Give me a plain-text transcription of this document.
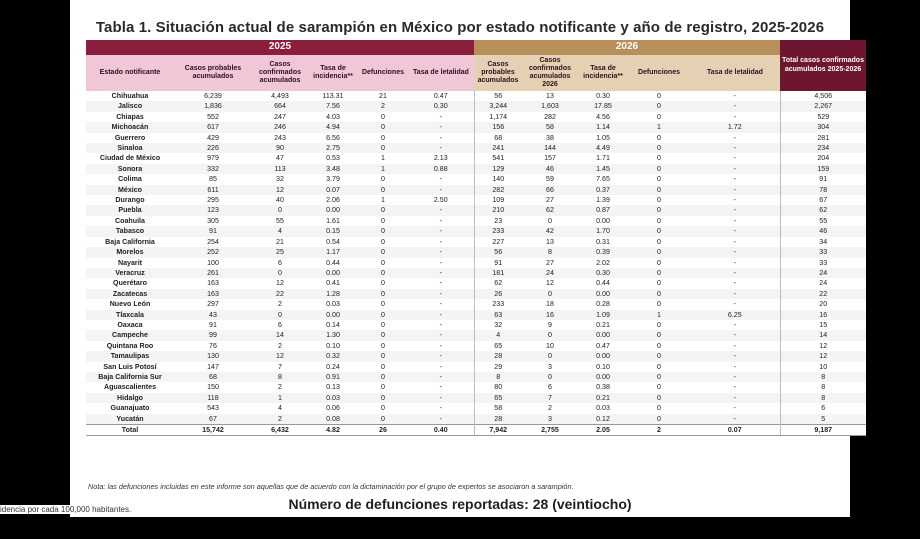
Tabla 1. Situación actual de sarampión en México por estado notificante y año de registro, 2025-2026
2025						2026					Total casos confirmados acumulados 2025-2026
Estado notificante	Casos probables acumulados	Casos confirmados acumulados	Tasa de incidencia**	Defunciones	Tasa de letalidad	Casos probables acumulados	Casos confirmados acumulados 2026	Tasa de incidencia**	Defunciones	Tasa de letalidad	
Chihuahua	6,239	4,493	113.31	21	0.47	56	13	0.30	0	-	4,506
Jalisco	1,836	664	7.56	2	0.30	3,244	1,603	17.85	0	-	2,267
Chiapas	552	247	4.03	0	-	1,174	282	4.56	0	-	529
Michoacán	617	246	4.94	0	-	156	58	1.14	1	1.72	304
Guerrero	429	243	6.56	0	-	68	38	1.05	0	-	281
Sinaloa	226	90	2.75	0	-	241	144	4.49	0	-	234
Ciudad de México	979	47	0.53	1	2.13	541	157	1.71	0	-	204
Sonora	332	113	3.48	1	0.88	129	46	1.45	0	-	159
Colima	85	32	3.79	0	-	140	59	7.65	0	-	91
México	611	12	0.07	0	-	282	66	0.37	0	-	78
Durango	295	40	2.06	1	2.50	109	27	1.39	0	-	67
Puebla	123	0	0.00	0	-	210	62	0.87	0	-	62
Coahuila	305	55	1.61	0	-	23	0	0.00	0	-	55
Tabasco	91	4	0.15	0	-	233	42	1.70	0	-	46
Baja California	254	21	0.54	0	-	227	13	0.31	0	-	34
Morelos	252	25	1.17	0	-	56	8	0.39	0	-	33
Nayarit	100	6	0.44	0	-	91	27	2.02	0	-	33
Veracruz	261	0	0.00	0	-	181	24	0.30	0	-	24
Querétaro	163	12	0.41	0	-	62	12	0.44	0	-	24
Zacatecas	163	22	1.28	0	-	26	0	0.00	0	-	22
Nuevo León	297	2	0.03	0	-	233	18	0.28	0	-	20
Tlaxcala	43	0	0.00	0	-	63	16	1.09	1	6.25	16
Oaxaca	91	6	0.14	0	-	32	9	0.21	0	-	15
Campeche	99	14	1.30	0	-	4	0	0.00	0	-	14
Quintana Roo	76	2	0.10	0	-	65	10	0.47	0	-	12
Tamaulipas	130	12	0.32	0	-	28	0	0.00	0	-	12
San Luis Potosí	147	7	0.24	0	-	29	3	0.10	0	-	10
Baja California Sur	68	8	0.91	0	-	8	0	0.00	0	-	8
Aguascalientes	150	2	0.13	0	-	80	6	0.38	0	-	8
Hidalgo	118	1	0.03	0	-	65	7	0.21	0	-	8
Guanajuato	543	4	0.06	0	-	58	2	0.03	0	-	6
Yucatán	67	2	0.08	0	-	28	3	0.12	0	-	5
Total	15,742	6,432	4.82	26	0.40	7,942	2,755	2.05	2	0.07	9,187
Nota: las defunciones incluidas en este informe son aquellas que de acuerdo con la dictaminación por el grupo de expertos se asociaron a sarampión.
Número de defunciones reportadas: 28 (veintiocho)
idencia por cada 100,000 habitantes.
